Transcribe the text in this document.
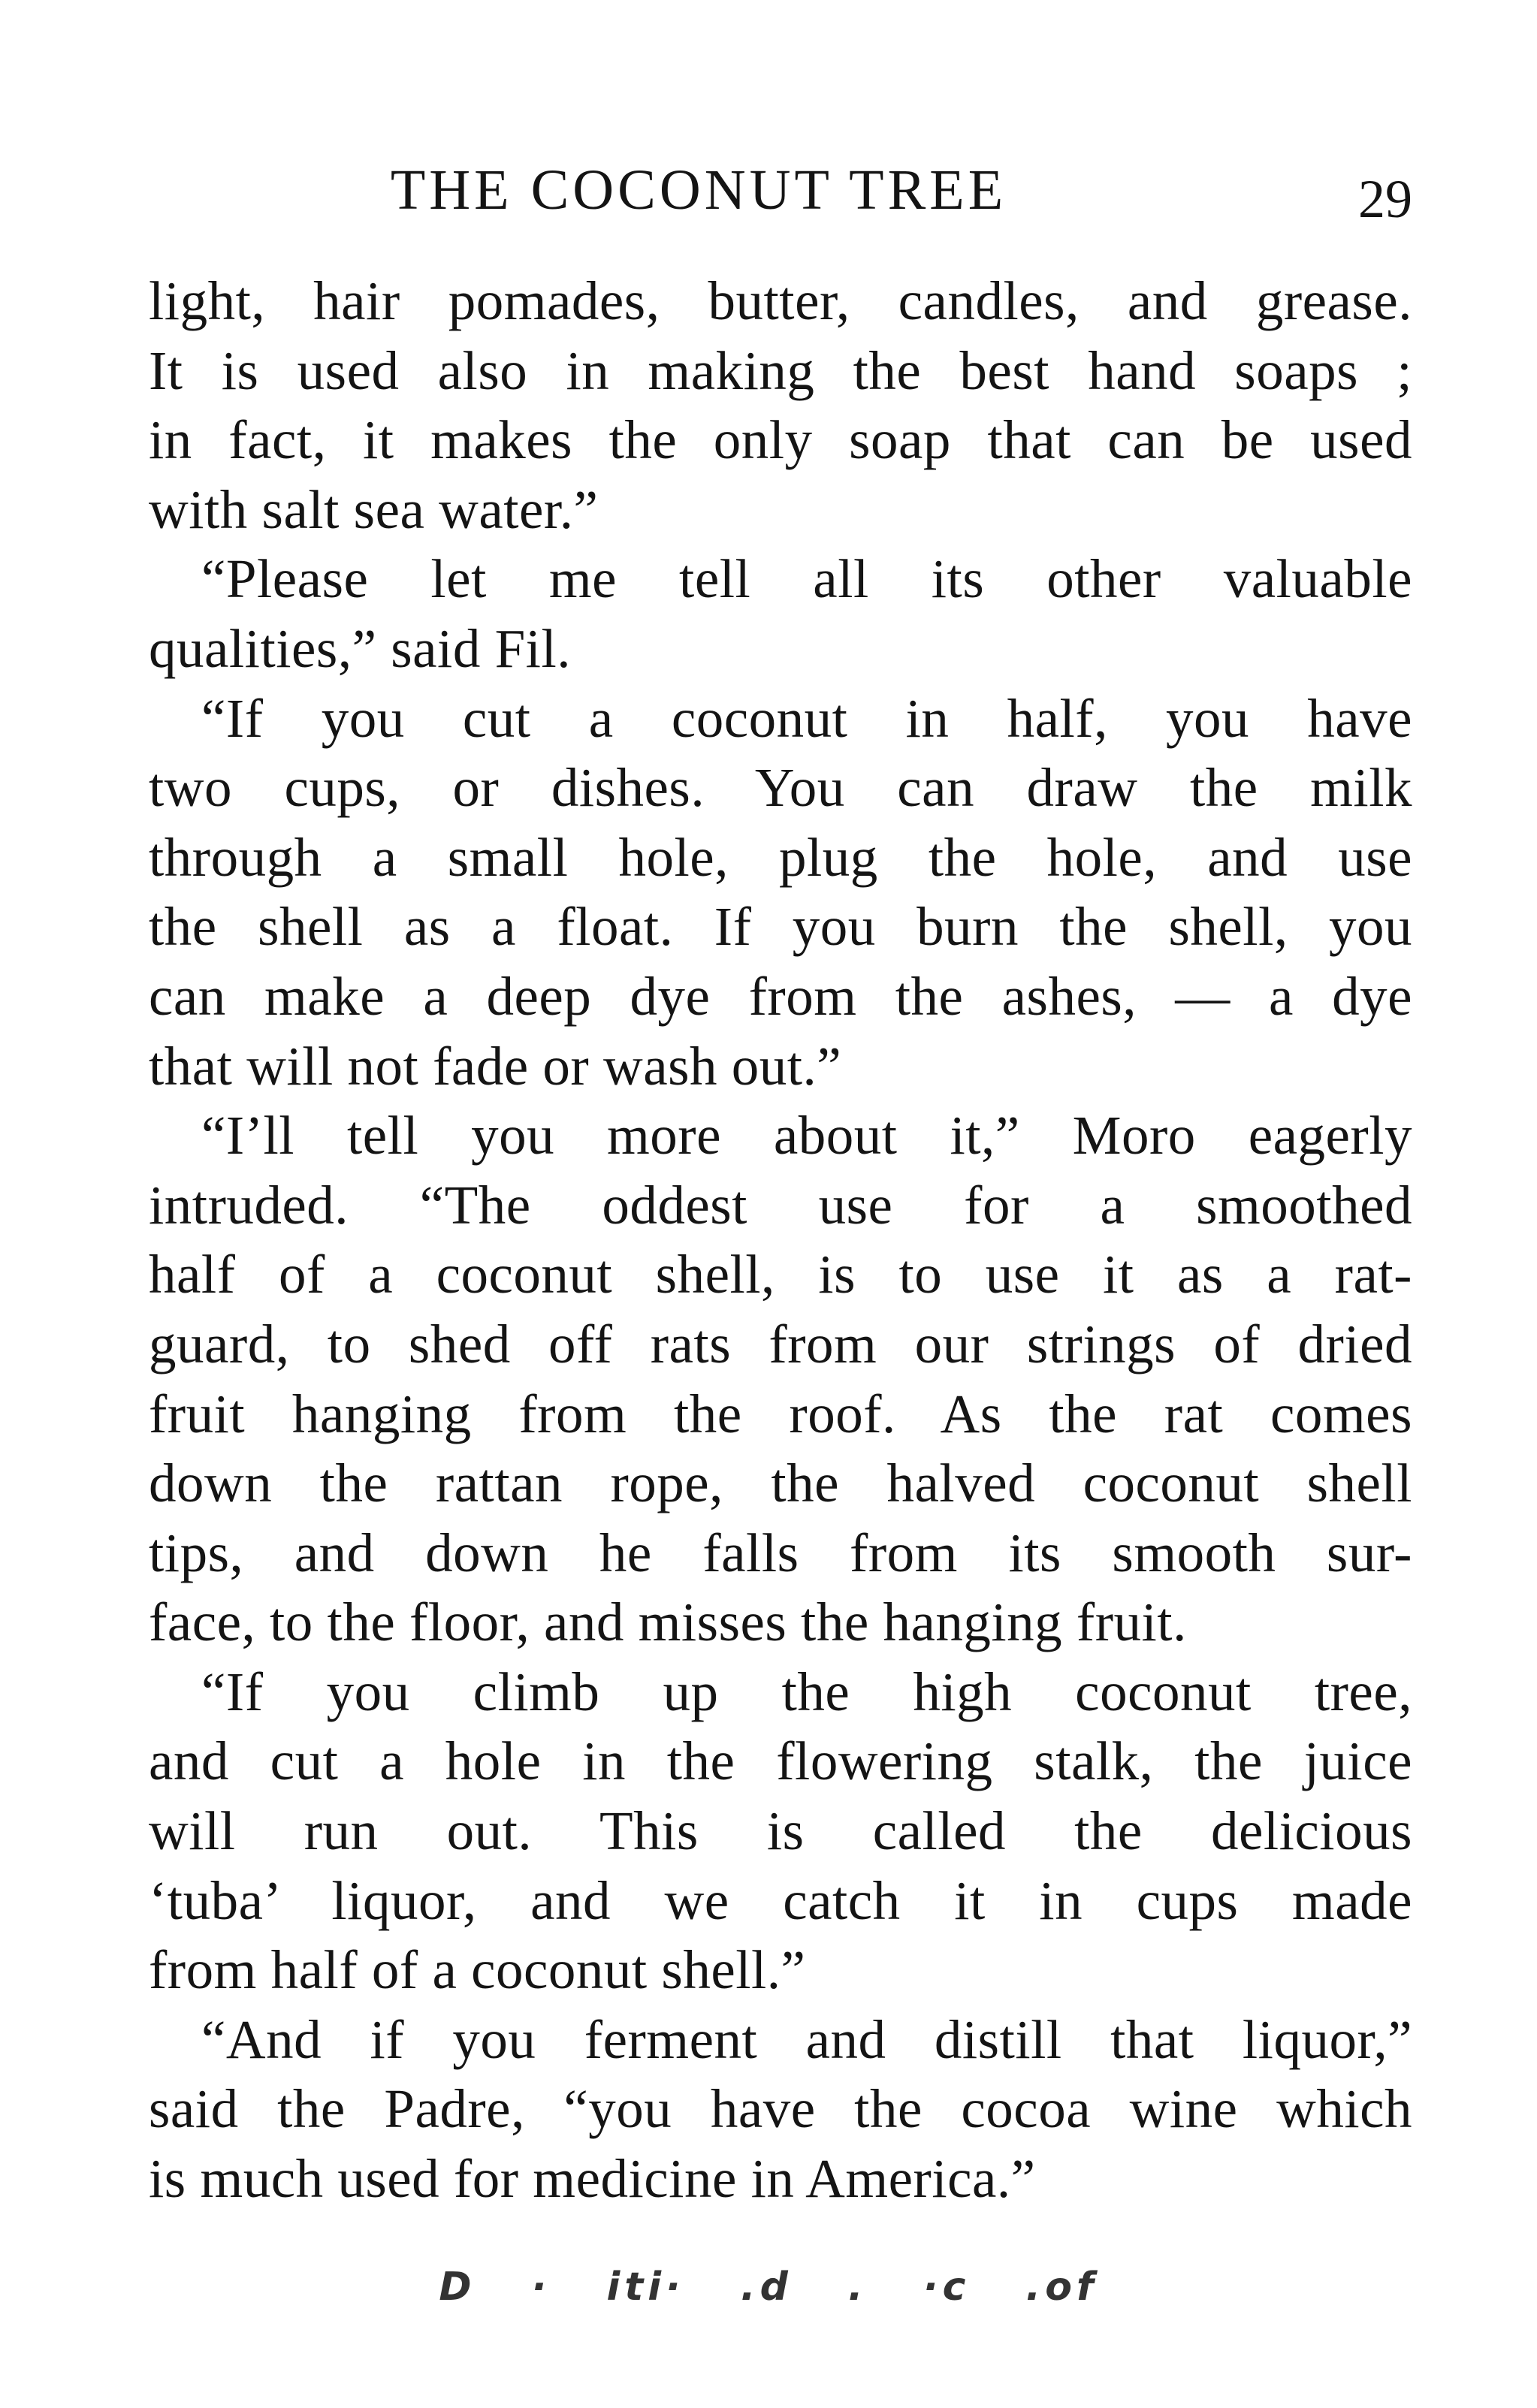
THE COCONUT TREE	29
light, hair pomades, butter, candles, and grease.
It is used also in making the best hand soaps ;
in fact, it makes the only soap that can be used
with salt sea water.”
“Please let me tell all its other valuable
qualities,” said Fil.
“If you cut a coconut in half, you have
two cups, or dishes. You can draw the milk
through a small hole, plug the hole, and use
the shell as a float. If you burn the shell, you
can make a deep dye from the ashes, — a dye
that will not fade or wash out.”
“I’ll tell you more about it,” Moro eagerly
intruded. “The oddest use for a smoothed
half of a coconut shell, is to use it as a rat-
guard, to shed off rats from our strings of dried
fruit hanging from the roof. As the rat comes
down the rattan rope, the halved coconut shell
tips, and down he falls from its smooth sur-
face, to the floor, and misses the hanging fruit.
“If you climb up the high coconut tree,
and cut a hole in the flowering stalk, the juice
will run out. This is called the delicious
‘tuba’ liquor, and we catch it in cups made
from half of a coconut shell.”
“And if you ferment and distill that liquor,”
said the Padre, “you have the cocoa wine which
is much used for medicine in America.”
D · iti· .d . ·c .of
